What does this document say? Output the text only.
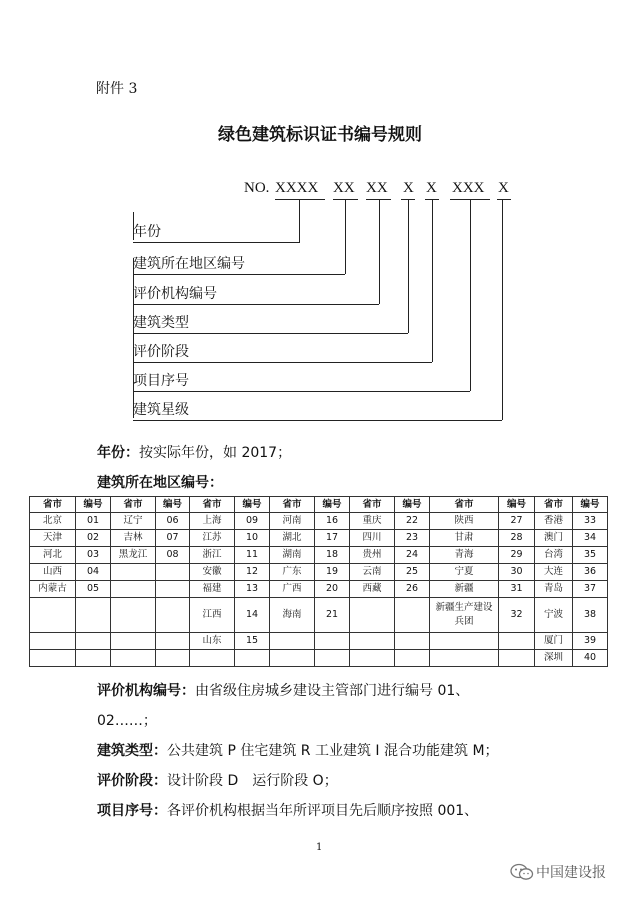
附件 3
绿色建筑标识证书编号规则
NO. XXXX XX XX X X XXX X
年份
建筑所在地区编号
评价机构编号
建筑类型
评价阶段
项目序号
建筑星级
年份：按实际年份，如 2017；
建筑所在地区编号：
省市	编号	省市	编号	省市	编号	省市	编号	省市	编号	省市	编号	省市	编号
北京	01	辽宁	06	上海	09	河南	16	重庆	22	陕西	27	香港	33
天津	02	吉林	07	江苏	10	湖北	17	四川	23	甘肃	28	澳门	34
河北	03	黑龙江	08	浙江	11	湖南	18	贵州	24	青海	29	台湾	35
山西	04			安徽	12	广东	19	云南	25	宁夏	30	大连	36
内蒙古	05			福建	13	广西	20	西藏	26	新疆	31	青岛	37
				江西	14	海南	21			新疆生产建设兵团	32	宁波	38
				山东	15							厦门	39
												深圳	40
评价机构编号：由省级住房城乡建设主管部门进行编号 01、
02……；
建筑类型：公共建筑 P 住宅建筑 R 工业建筑 I 混合功能建筑 M；
评价阶段：设计阶段 D　运行阶段 O；
项目序号：各评价机构根据当年所评项目先后顺序按照 001、
1
中国建设报
